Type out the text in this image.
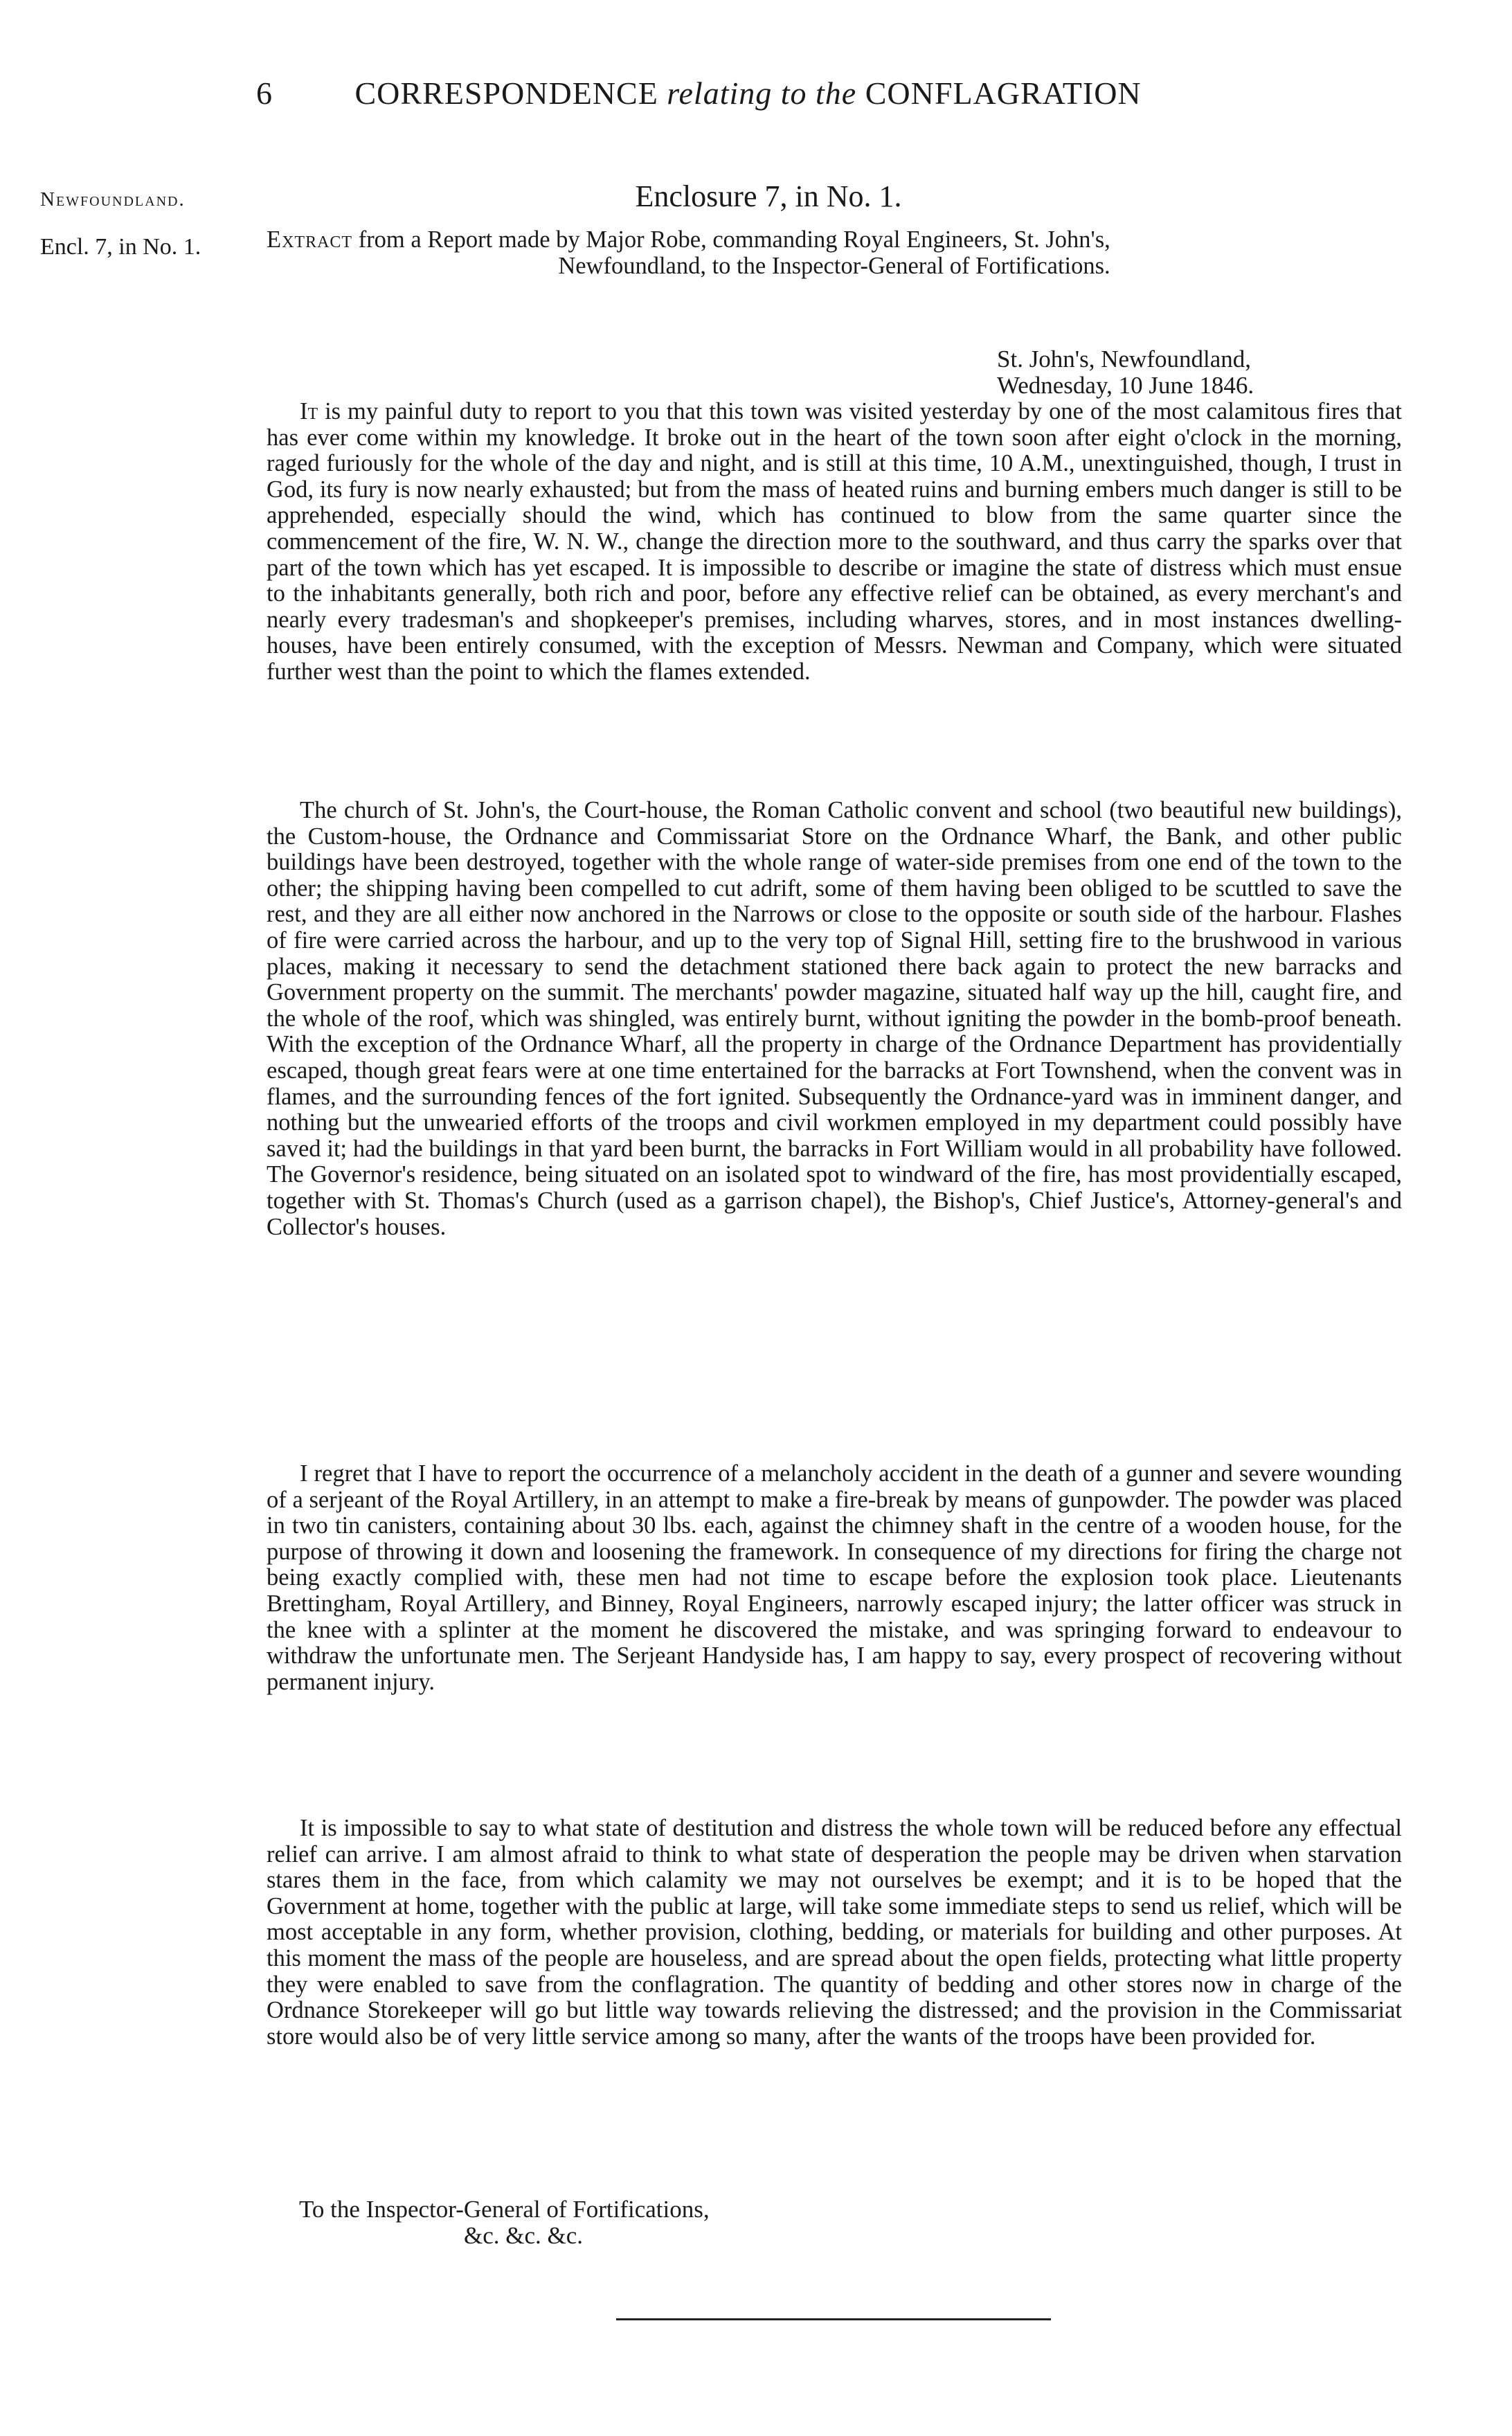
6	CORRESPONDENCE relating to the CONFLAGRATION
Newfoundland.
Encl. 7, in No. 1.
Enclosure 7, in No. 1.
Extract from a Report made by Major Robe, commanding Royal Engineers, St. John's,
Newfoundland, to the Inspector-General of Fortifications.
St. John's, Newfoundland,
Wednesday, 10 June 1846.

It is my painful duty to report to you that this town was visited yesterday by one of the most calamitous fires that has ever come within my knowledge. It broke out in the heart of the town soon after eight o'clock in the morning, raged furiously for the whole of the day and night, and is still at this time, 10 A.M., unextinguished, though, I trust in God, its fury is now nearly exhausted; but from the mass of heated ruins and burning embers much danger is still to be apprehended, especially should the wind, which has continued to blow from the same quarter since the commencement of the fire, W. N. W., change the direction more to the southward, and thus carry the sparks over that part of the town which has yet escaped. It is impossible to describe or imagine the state of distress which must ensue to the inhabitants generally, both rich and poor, before any effective relief can be obtained, as every merchant's and nearly every tradesman's and shopkeeper's premises, including wharves, stores, and in most instances dwelling-houses, have been entirely consumed, with the exception of Messrs. Newman and Company, which were situated further west than the point to which the flames extended.

The church of St. John's, the Court-house, the Roman Catholic convent and school (two beautiful new buildings), the Custom-house, the Ordnance and Commissariat Store on the Ordnance Wharf, the Bank, and other public buildings have been destroyed, together with the whole range of water-side premises from one end of the town to the other; the shipping having been compelled to cut adrift, some of them having been obliged to be scuttled to save the rest, and they are all either now anchored in the Narrows or close to the opposite or south side of the harbour. Flashes of fire were carried across the harbour, and up to the very top of Signal Hill, setting fire to the brushwood in various places, making it necessary to send the detachment stationed there back again to protect the new barracks and Government property on the summit. The merchants' powder magazine, situated half way up the hill, caught fire, and the whole of the roof, which was shingled, was entirely burnt, without igniting the powder in the bomb-proof beneath. With the exception of the Ordnance Wharf, all the property in charge of the Ordnance Department has providentially escaped, though great fears were at one time entertained for the barracks at Fort Townshend, when the convent was in flames, and the surrounding fences of the fort ignited. Subsequently the Ordnance-yard was in imminent danger, and nothing but the unwearied efforts of the troops and civil workmen employed in my department could possibly have saved it; had the buildings in that yard been burnt, the barracks in Fort William would in all probability have followed. The Governor's residence, being situated on an isolated spot to windward of the fire, has most providentially escaped, together with St. Thomas's Church (used as a garrison chapel), the Bishop's, Chief Justice's, Attorney-general's and Collector's houses.

I regret that I have to report the occurrence of a melancholy accident in the death of a gunner and severe wounding of a serjeant of the Royal Artillery, in an attempt to make a fire-break by means of gunpowder. The powder was placed in two tin canisters, containing about 30 lbs. each, against the chimney shaft in the centre of a wooden house, for the purpose of throwing it down and loosening the framework. In consequence of my directions for firing the charge not being exactly complied with, these men had not time to escape before the explosion took place. Lieutenants Brettingham, Royal Artillery, and Binney, Royal Engineers, narrowly escaped injury; the latter officer was struck in the knee with a splinter at the moment he discovered the mistake, and was springing forward to endeavour to withdraw the unfortunate men. The Serjeant Handyside has, I am happy to say, every prospect of recovering without permanent injury.

It is impossible to say to what state of destitution and distress the whole town will be reduced before any effectual relief can arrive. I am almost afraid to think to what state of desperation the people may be driven when starvation stares them in the face, from which calamity we may not ourselves be exempt; and it is to be hoped that the Government at home, together with the public at large, will take some immediate steps to send us relief, which will be most acceptable in any form, whether provision, clothing, bedding, or materials for building and other purposes. At this moment the mass of the people are houseless, and are spread about the open fields, protecting what little property they were enabled to save from the conflagration. The quantity of bedding and other stores now in charge of the Ordnance Storekeeper will go but little way towards relieving the distressed; and the provision in the Commissariat store would also be of very little service among so many, after the wants of the troops have been provided for.

To the Inspector-General of Fortifications,
&c. &c. &c.
